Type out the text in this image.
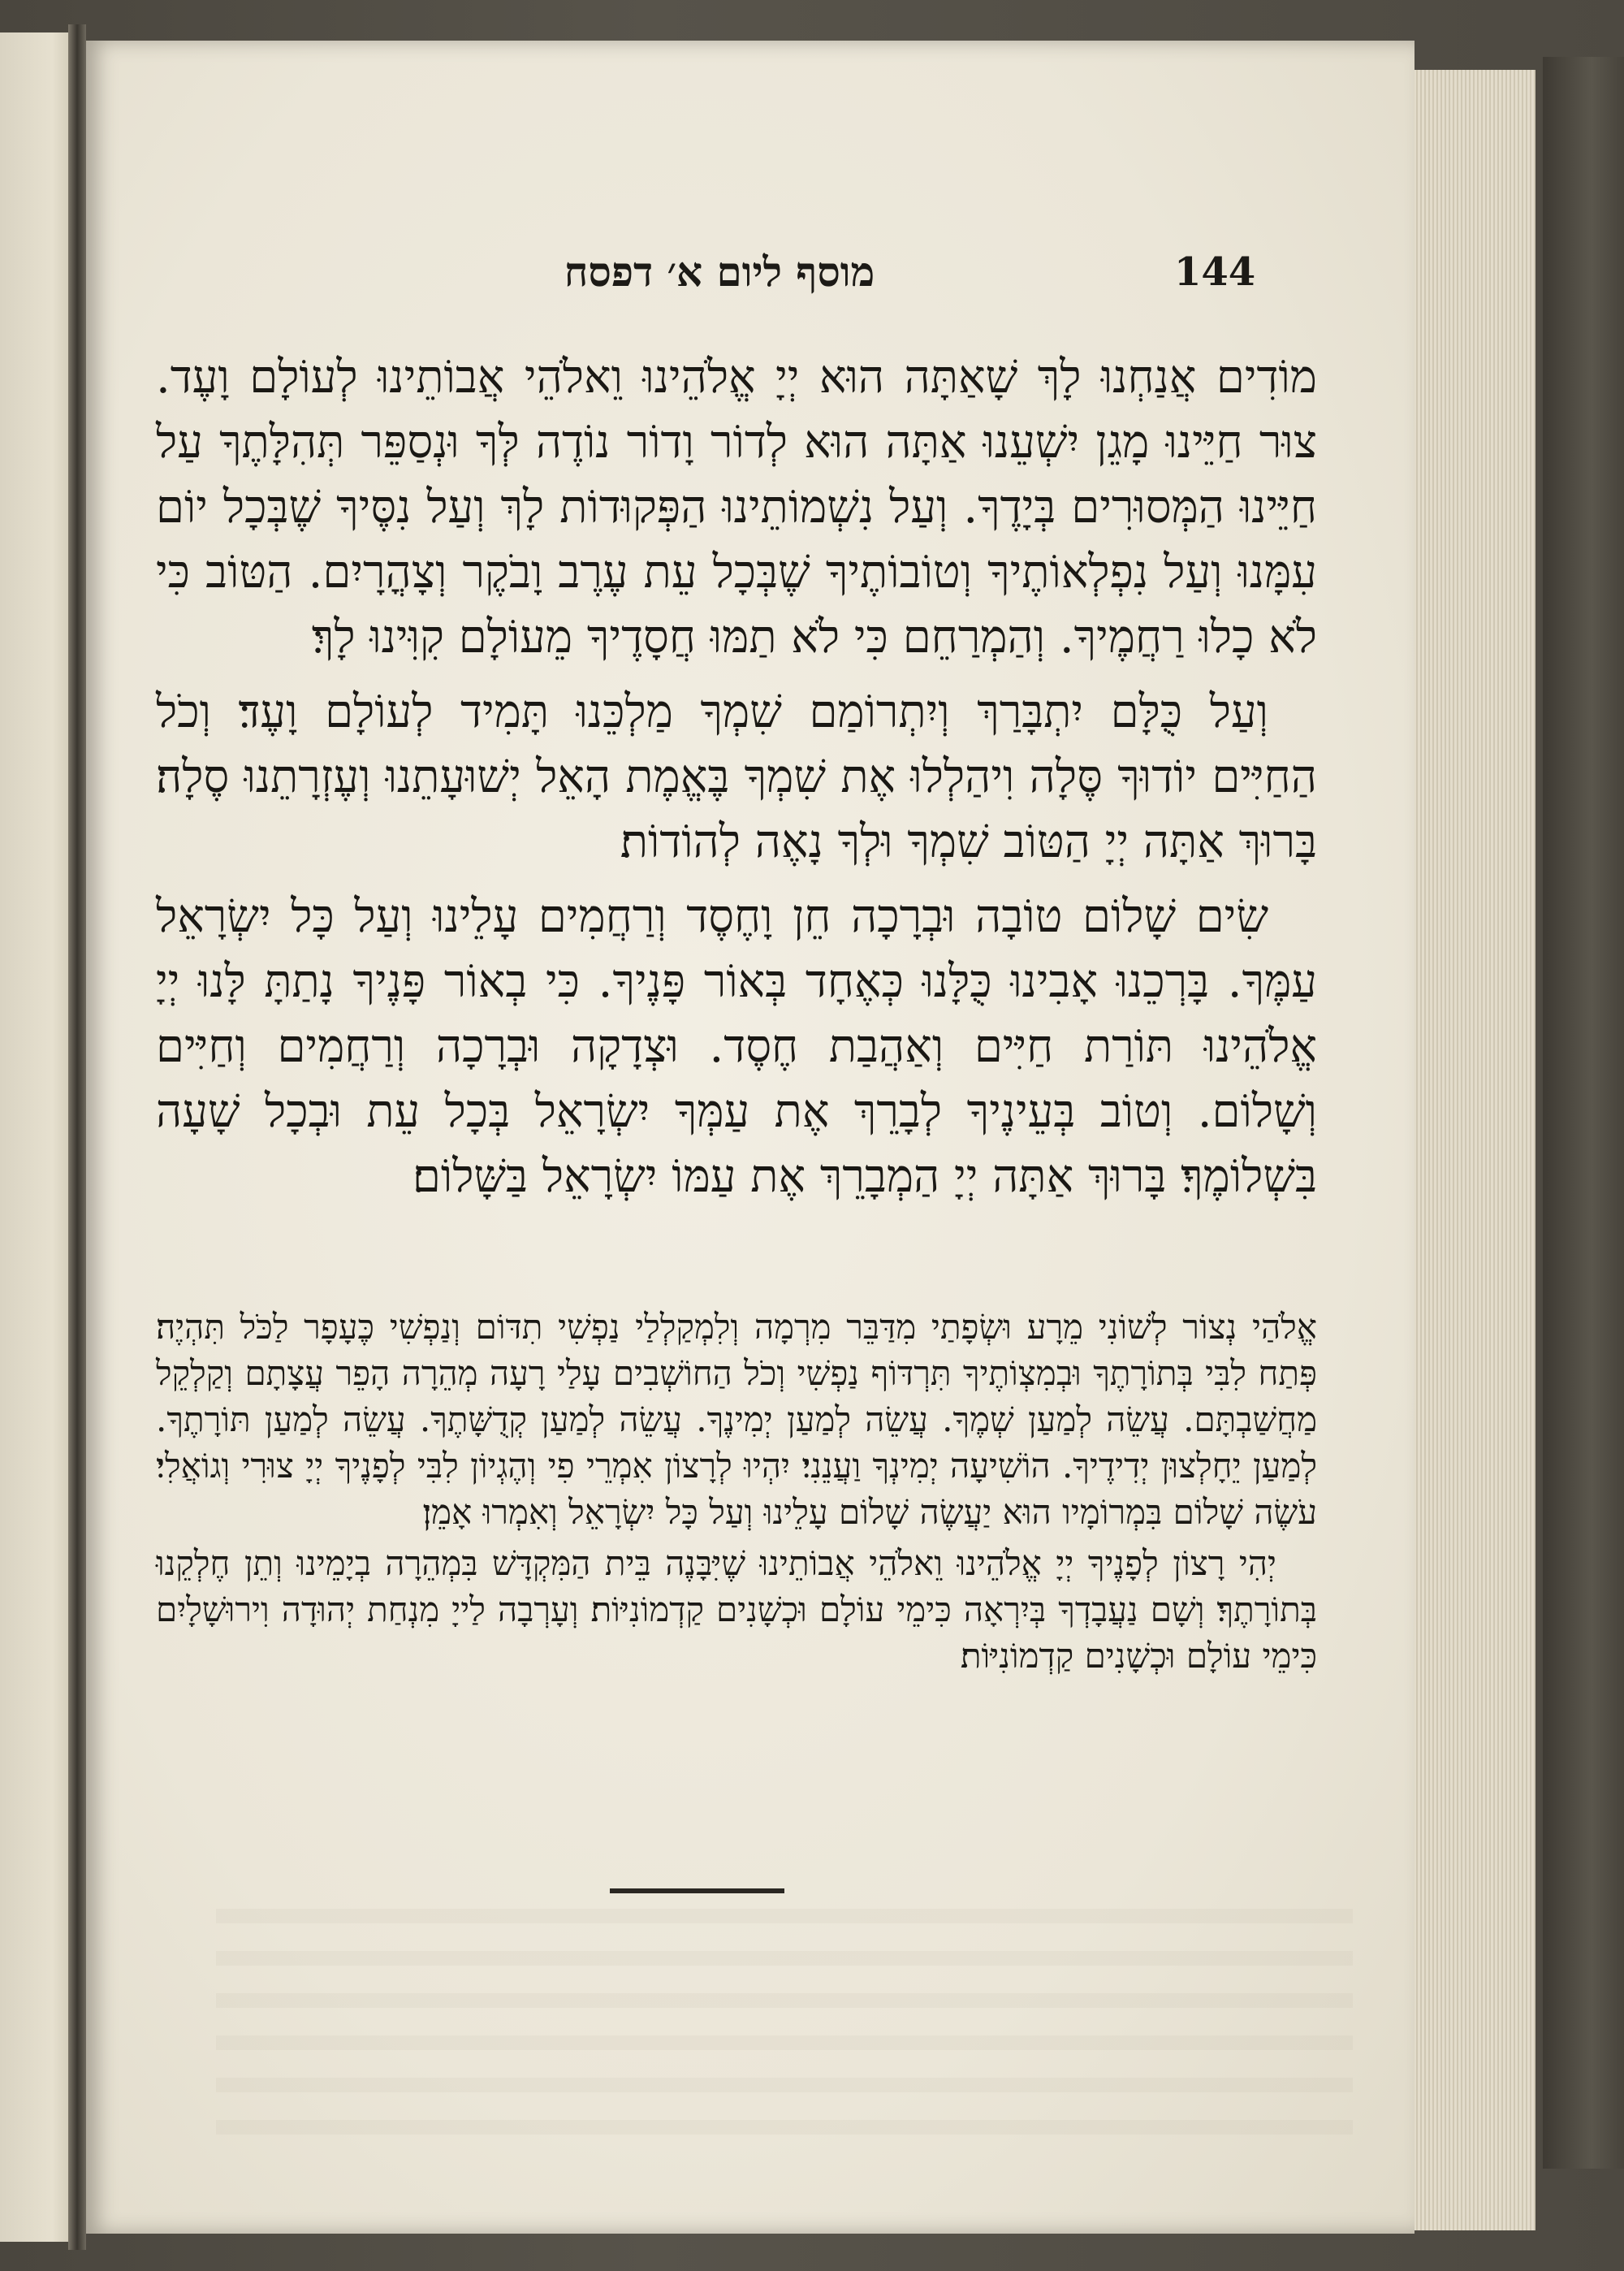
מוסף ליום א׳ דפסח	144

מוֹדִים אֲנַחְנוּ לָךְ שָׁאַתָּה הוּא יְיָ אֱלֹהֵינוּ וֵאלֹהֵי אֲבוֹתֵינוּ לְעוֹלָם וָעֶד. צוּר חַיֵּינוּ מָגֵן יִשְׁעֵנוּ אַתָּה הוּא לְדוֹר וָדוֹר נוֹדֶה לְּךָ וּנְסַפֵּר תְּהִלָּתֶךָ עַל חַיֵּינוּ הַמְּסוּרִים בְּיָדֶךָ. וְעַל נִשְׁמוֹתֵינוּ הַפְּקוּדוֹת לָךְ וְעַל נִסֶּיךָ שֶׁבְּכָל יוֹם עִמָּנוּ וְעַל נִפְלְאוֹתֶיךָ וְטוֹבוֹתֶיךָ שֶׁבְּכָל עֵת עֶרֶב וָבֹקֶר וְצָהֳרָיִם. הַטּוֹב כִּי לֹא כָלוּ רַחֲמֶיךָ. וְהַמְרַחֵם כִּי לֹא תַמּוּ חֲסָדֶיךָ מֵעוֹלָם קִוִּינוּ לָךְ׃

וְעַל כֻּלָּם יִתְבָּרַךְ וְיִתְרוֹמַם שִׁמְךָ מַלְכֵּנוּ תָּמִיד לְעוֹלָם וָעֶד׃ וְכֹל הַחַיִּים יוֹדוּךָ סֶּלָה וִיהַלְלוּ אֶת שִׁמְךָ בֶּאֱמֶת הָאֵל יְשׁוּעָתֵנוּ וְעֶזְרָתֵנוּ סֶלָה׃ בָּרוּךְ אַתָּה יְיָ הַטּוֹב שִׁמְךָ וּלְךָ נָאֶה לְהוֹדוֹת׃

שִׂים שָׁלוֹם טוֹבָה וּבְרָכָה חֵן וָחֶסֶד וְרַחֲמִים עָלֵינוּ וְעַל כָּל יִשְׂרָאֵל עַמֶּךָ. בָּרְכֵנוּ אָבִינוּ כֻּלָּנוּ כְּאֶחָד בְּאוֹר פָּנֶיךָ. כִּי בְאוֹר פָּנֶיךָ נָתַתָּ לָּנוּ יְיָ אֱלֹהֵינוּ תּוֹרַת חַיִּים וְאַהֲבַת חֶסֶד. וּצְדָקָה וּבְרָכָה וְרַחֲמִים וְחַיִּים וְשָׁלוֹם. וְטוֹב בְּעֵינֶיךָ לְבָרֵךְ אֶת עַמְּךָ יִשְׂרָאֵל בְּכָל עֵת וּבְכָל שָׁעָה בִּשְׁלוֹמֶךָ׃ בָּרוּךְ אַתָּה יְיָ הַמְבָרֵךְ אֶת עַמּוֹ יִשְׂרָאֵל בַּשָּׁלוֹם׃

אֱלֹהַי נְצוֹר לְשׁוֹנִי מֵרָע וּשְׂפָתַי מִדַּבֵּר מִרְמָה וְלִמְקַלְלַי נַפְשִׁי תִדּוֹם וְנַפְשִׁי כֶּעָפָר לַכֹּל תִּהְיֶה׃ פְּתַח לִבִּי בְּתוֹרָתֶךָ וּבְמִצְוֹתֶיךָ תִּרְדּוֹף נַפְשִׁי וְכֹל הַחוֹשְׁבִים עָלַי רָעָה מְהֵרָה הָפֵר עֲצָתָם וְקַלְקֵל מַחֲשַׁבְתָּם. עֲשֵׂה לְמַעַן שְׁמֶךָ. עֲשֵׂה לְמַעַן יְמִינֶךָ. עֲשֵׂה לְמַעַן קְדֻשָּׁתֶךָ. עֲשֵׂה לְמַעַן תּוֹרָתֶךָ. לְמַעַן יֵחָלְצוּן יְדִידֶיךָ. הוֹשִׁיעָה יְמִינְךָ וַעֲנֵנִי׃ יִהְיוּ לְרָצוֹן אִמְרֵי פִי וְהֶגְיוֹן לִבִּי לְפָנֶיךָ יְיָ צוּרִי וְגוֹאֲלִי׃ עֹשֶׂה שָׁלוֹם בִּמְרוֹמָיו הוּא יַעֲשֶׂה שָׁלוֹם עָלֵינוּ וְעַל כָּל יִשְׂרָאֵל וְאִמְרוּ אָמֵן׃

יְהִי רָצוֹן לְפָנֶיךָ יְיָ אֱלֹהֵינוּ וֵאלֹהֵי אֲבוֹתֵינוּ שֶׁיִּבָּנֶה בֵּית הַמִּקְדָּשׁ בִּמְהֵרָה בְיָמֵינוּ וְתֵן חֶלְקֵנוּ בְּתוֹרָתֶךָ׃ וְשָׁם נַעֲבָדְךָ בְּיִרְאָה כִּימֵי עוֹלָם וּכְשָׁנִים קַדְמוֹנִיּוֹת׃ וְעָרְבָה לַייָ מִנְחַת יְהוּדָה וִירוּשָׁלָיִם כִּימֵי עוֹלָם וּכְשָׁנִים קַדְמוֹנִיּוֹת׃
